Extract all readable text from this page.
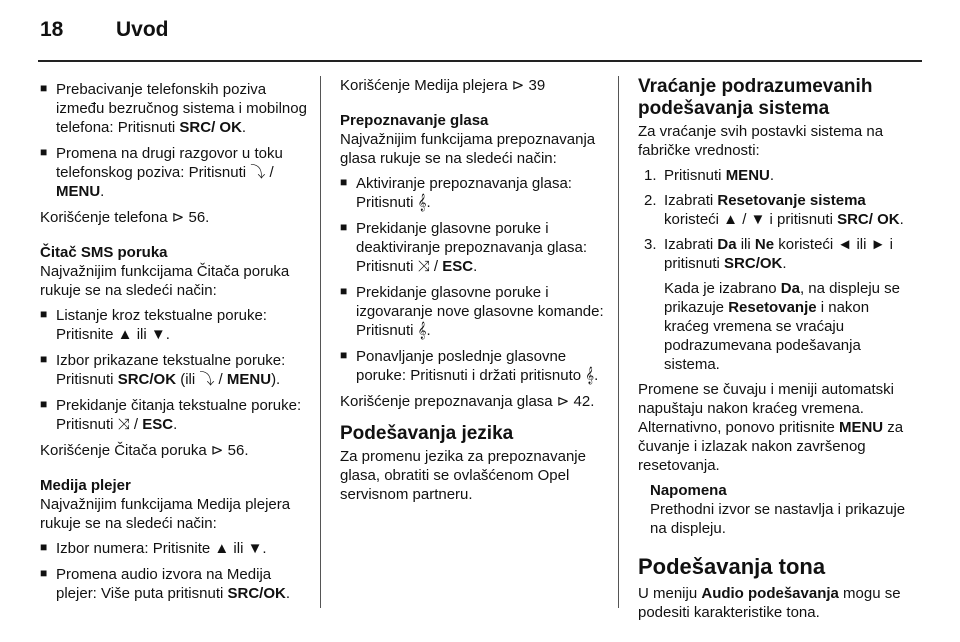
18	Uvod
■ Prebacivanje telefonskih poziva između bezručnog sistema i mobilnog telefona: Pritisnuti SRC/ OK.
■ Promena na drugi razgovor u toku telefonskog poziva: Pritisnuti ⤵ / MENU.

Korišćenje telefona ⊳ 56.

Čitač SMS poruka

Najvažnijim funkcijama Čitača poruka rukuje se na sledeći način:

■ Listanje kroz tekstualne poruke: Pritisnite ▲ ili ▼.
■ Izbor prikazane tekstualne poruke: Pritisnuti SRC/OK (ili ⤵ / MENU).
■ Prekidanje čitanja tekstualne poruke: Pritisnuti ⤨ / ESC.

Korišćenje Čitača poruka ⊳ 56.

Medija plejer

Najvažnijim funkcijama Medija plejera rukuje se na sledeći način:

■ Izbor numera: Pritisnite ▲ ili ▼.
■ Promena audio izvora na Medija plejer: Više puta pritisnuti SRC/OK.

Korišćenje Medija plejera ⊳ 39

Prepoznavanje glasa

Najvažnijim funkcijama prepoznavanja glasa rukuje se na sledeći način:

■ Aktiviranje prepoznavanja glasa: Pritisnuti 𝄞.
■ Prekidanje glasovne poruke i deaktiviranje prepoznavanja glasa: Pritisnuti ⤨ / ESC.
■ Prekidanje glasovne poruke i izgovaranje nove glasovne komande: Pritisnuti 𝄞.
■ Ponavljanje poslednje glasovne poruke: Pritisnuti i držati pritisnuto 𝄞.

Korišćenje prepoznavanja glasa ⊳ 42.

Podešavanja jezika

Za promenu jezika za prepoznavanje glasa, obratiti se ovlašćenom Opel servisnom partneru.

Vraćanje podrazumevanih podešavanja sistema

Za vraćanje svih postavki sistema na fabričke vrednosti:

1. Pritisnuti MENU.
2. Izabrati Resetovanje sistema koristeći ▲ / ▼ i pritisnuti SRC/ OK.
3. Izabrati Da ili Ne koristeći ◄ ili ► i pritisnuti SRC/OK.
Kada je izabrano Da, na displeju se prikazuje Resetovanje i nakon kraćeg vremena se vraćaju podrazumevana podešavanja sistema.

Promene se čuvaju i meniji automatski napuštaju nakon kraćeg vremena. Alternativno, ponovo pritisnite MENU za čuvanje i izlazak nakon završenog resetovanja.

Napomena
Prethodni izvor se nastavlja i prikazuje na displeju.
Podešavanja tona

U meniju Audio podešavanja mogu se podesiti karakteristike tona.
